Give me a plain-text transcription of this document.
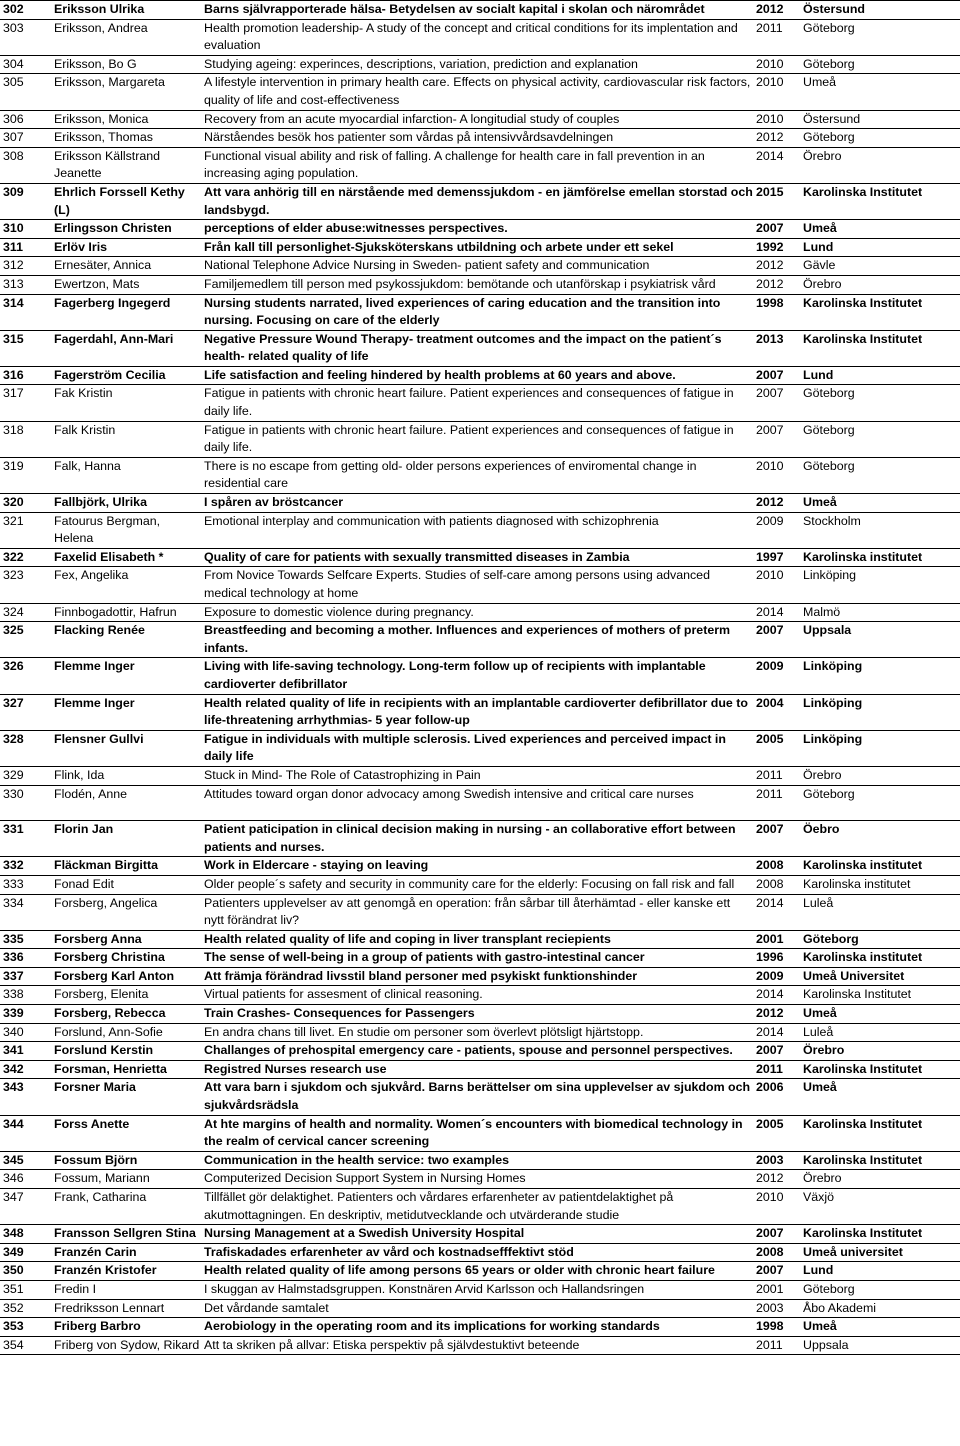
302	Eriksson Ulrika	Barns självrapporterade hälsa- Betydelsen av socialt kapital i skolan och närområdet	2012	Östersund
303	Eriksson, Andrea	Health promotion leadership- A study of the concept and critical conditions for its implentation and evaluation	2011	Göteborg
304	Eriksson, Bo G	Studying ageing: experinces, descriptions, variation, prediction and explanation	2010	Göteborg
305	Eriksson, Margareta	A lifestyle intervention in primary health care. Effects on physical activity, cardiovascular risk factors, quality of life and cost-effectiveness	2010	Umeå
306	Eriksson, Monica	Recovery from an acute myocardial infarction- A longitudial study of couples	2010	Östersund
307	Eriksson, Thomas	Närståendes besök hos patienter som vårdas på intensivvårdsavdelningen	2012	Göteborg
308	Eriksson Källstrand Jeanette	Functional visual ability and risk of falling. A challenge for health care in fall prevention in an increasing aging population.	2014	Örebro
309	Ehrlich Forssell Kethy (L)	Att vara anhörig till en närstående med demenssjukdom - en jämförelse emellan storstad och landsbygd.	2015	Karolinska Institutet
310	Erlingsson Christen	perceptions of elder abuse:witnesses perspectives.	2007	Umeå
311	Erlöv Iris	Från kall till personlighet-Sjuksköterskans utbildning och arbete under ett sekel	1992	Lund
312	Ernesäter, Annica	National Telephone Advice Nursing in Sweden- patient safety and communication	2012	Gävle
313	Ewertzon, Mats	Familjemedlem till person med psykossjukdom: bemötande och utanförskap i psykiatrisk vård	2012	Örebro
314	Fagerberg Ingegerd	Nursing students narrated, lived experiences of caring education and the transition into nursing. Focusing on care of the elderly	1998	Karolinska Institutet
315	Fagerdahl, Ann-Mari	Negative Pressure Wound Therapy- treatment outcomes and the impact on the patient´s health- related quality of life	2013	Karolinska Institutet
316	Fagerström Cecilia	Life satisfaction and feeling hindered by health problems at 60 years and above.	2007	Lund
317	Fak Kristin	Fatigue in patients with chronic heart failure. Patient experiences and consequences of fatigue in daily life.	2007	Göteborg
318	Falk Kristin	Fatigue in patients with chronic heart failure. Patient experiences and consequences of fatigue in daily life.	2007	Göteborg
319	Falk, Hanna	There is no escape from getting old- older persons experiences of enviromental change in residential care	2010	Göteborg
320	Fallbjörk, Ulrika	I spåren av bröstcancer	2012	Umeå
321	Fatourus Bergman, Helena	Emotional interplay and communication with patients diagnosed with schizophrenia	2009	Stockholm
322	Faxelid Elisabeth *	Quality of care for patients with sexually transmitted diseases in Zambia	1997	Karolinska institutet
323	Fex, Angelika	From Novice Towards Selfcare Experts. Studies of self-care among persons using advanced medical technology at home	2010	Linköping
324	Finnbogadottir, Hafrun	Exposure to domestic violence during pregnancy.	2014	Malmö
325	Flacking Renée	Breastfeeding and becoming a mother. Influences and experiences of mothers of preterm infants.	2007	Uppsala
326	Flemme Inger	Living with life-saving technology. Long-term follow up of recipients with implantable cardioverter defibrillator	2009	Linköping
327	Flemme Inger	Health related quality of life in recipients with an implantable cardioverter defibrillator due to life-threatening arrhythmias- 5 year follow-up	2004	Linköping
328	Flensner Gullvi	Fatigue in individuals with multiple sclerosis. Lived experiences and perceived impact in daily life	2005	Linköping
329	Flink, Ida	Stuck in Mind- The Role of Catastrophizing in Pain	2011	Örebro
330	Flodén, Anne	Attitudes toward organ donor advocacy among Swedish intensive and critical care nurses	2011	Göteborg
331	Florin Jan	Patient paticipation in clinical decision making in nursing - an collaborative effort between patients and nurses.	2007	Öebro
332	Fläckman Birgitta	Work in Eldercare - staying on leaving	2008	Karolinska institutet
333	Fonad Edit	Older people´s safety and security in community care for the elderly: Focusing on fall risk and fall	2008	Karolinska institutet
334	Forsberg, Angelica	Patienters upplevelser av att genomgå en operation: från sårbar till återhämtad - eller kanske ett nytt förändrat liv?	2014	Luleå
335	Forsberg Anna	Health related quality of life and coping in liver transplant reciepients	2001	Göteborg
336	Forsberg Christina	The sense of well-being in a group of patients with gastro-intestinal cancer	1996	Karolinska institutet
337	Forsberg Karl Anton	Att främja förändrad livsstil bland personer med psykiskt funktionshinder	2009	Umeå Universitet
338	Forsberg, Elenita	Virtual patients for assesment of clinical reasoning.	2014	Karolinska Institutet
339	Forsberg, Rebecca	Train Crashes- Consequences for Passengers	2012	Umeå
340	Forslund, Ann-Sofie	En andra chans till livet. En studie om personer som överlevt plötsligt hjärtstopp.	2014	Luleå
341	Forslund Kerstin	Challanges of prehospital emergency care - patients, spouse and personnel perspectives.	2007	Örebro
342	Forsman, Henrietta	Registred Nurses research use	2011	Karolinska Institutet
343	Forsner Maria	Att vara barn i sjukdom och sjukvård. Barns berättelser om sina upplevelser av sjukdom och sjukvårdsrädsla	2006	Umeå
344	Forss Anette	At hte margins of health and normality. Women´s encounters with biomedical technology in the realm of cervical cancer screening	2005	Karolinska Institutet
345	Fossum Björn	Communication in the health service: two examples	2003	Karolinska Institutet
346	Fossum, Mariann	Computerized Decision Support System in Nursing Homes	2012	Örebro
347	Frank, Catharina	Tillfället gör delaktighet. Patienters och vårdares erfarenheter av patientdelaktighet på akutmottagningen. En deskriptiv, metidutvecklande och utvärderande studie	2010	Växjö
348	Fransson Sellgren Stina	Nursing Management at a Swedish University Hospital	2007	Karolinska Institutet
349	Franzén Carin	Trafiskadades erfarenheter av vård och kostnadsefffektivt stöd	2008	Umeå universitet
350	Franzén Kristofer	Health related quality of life among persons 65 years or older with chronic heart failure	2007	Lund
351	Fredin I	I skuggan av Halmstadsgruppen. Konstnären Arvid Karlsson och Hallandsringen	2001	Göteborg
352	Fredriksson Lennart	Det vårdande samtalet	2003	Åbo Akademi
353	Friberg Barbro	Aerobiology in the operating room and its implications for working standards	1998	Umeå
354	Friberg von Sydow, Rikard	Att ta skriken på allvar: Etiska perspektiv på självdestuktivt beteende	2011	Uppsala
